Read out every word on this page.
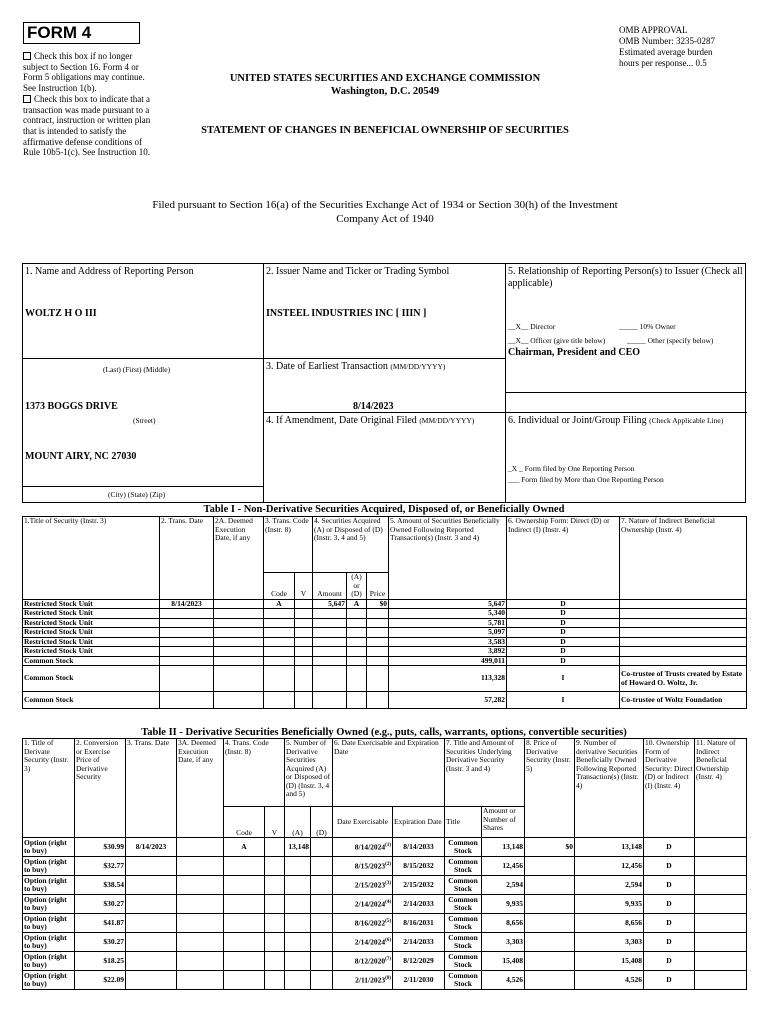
FORM 4
Check this box if no longer subject to Section 16. Form 4 or Form 5 obligations may continue. See Instruction 1(b).
Check this box to indicate that a transaction was made pursuant to a contract, instruction or written plan that is intended to satisfy the affirmative defense conditions of Rule 10b5-1(c). See Instruction 10.
OMB APPROVAL
OMB Number: 3235-0287
Estimated average burden
hours per response... 0.5
UNITED STATES SECURITIES AND EXCHANGE COMMISSION
Washington, D.C. 20549
STATEMENT OF CHANGES IN BENEFICIAL OWNERSHIP OF SECURITIES
Filed pursuant to Section 16(a) of the Securities Exchange Act of 1934 or Section 30(h) of the Investment Company Act of 1940
1. Name and Address of Reporting Person
WOLTZ H O III
(Last) (First) (Middle)
1373 BOGGS DRIVE
(Street)
MOUNT AIRY, NC 27030
(City) (State) (Zip)
2. Issuer Name and Ticker or Trading Symbol
INSTEEL INDUSTRIES INC [ IIIN ]
3. Date of Earliest Transaction (MM/DD/YYYY)
8/14/2023
4. If Amendment, Date Original Filed (MM/DD/YYYY)
5. Relationship of Reporting Person(s) to Issuer (Check all applicable)
__X__ Director	_____ 10% Owner
__X__ Officer (give title below)	_____ Other (specify below)
Chairman, President and CEO
6. Individual or Joint/Group Filing (Check Applicable Line)
_X _ Form filed by One Reporting Person
___ Form filed by More than One Reporting Person
Table I - Non-Derivative Securities Acquired, Disposed of, or Beneficially Owned
1.Title of Security (Instr. 3)	2. Trans. Date	2A. Deemed Execution Date, if any	3. Trans. Code (Instr. 8)		4. Securities Acquired (A) or Disposed of (D) (Instr. 3, 4 and 5)			5. Amount of Securities Beneficially Owned Following Reported Transaction(s) (Instr. 3 and 4)	6. Ownership Form: Direct (D) or Indirect (I) (Instr. 4)	7. Nature of Indirect Beneficial Ownership (Instr. 4)
			Code	V	Amount	(A) or (D)	Price			
Restricted Stock Unit	8/14/2023		A		5,647	A	$0	5,647	D	
Restricted Stock Unit								5,340	D	
Restricted Stock Unit								5,781	D	
Restricted Stock Unit								5,097	D	
Restricted Stock Unit								3,583	D	
Restricted Stock Unit								3,892	D	
Common Stock								499,011	D	
Common Stock								113,328	I	Co-trustee of Trusts created by Estate of Howard O. Woltz, Jr.
Common Stock								57,282	I	Co-trustee of Woltz Foundation
Table II - Derivative Securities Beneficially Owned (e.g., puts, calls, warrants, options, convertible securities)
1. Title of Derivate Security (Instr. 3)	2. Conversion or Exercise Price of Derivative Security	3. Trans. Date	3A. Deemed Execution Date, if any	4. Trans. Code (Instr. 8)		5. Number of Derivative Securities Acquired (A) or Disposed of (D) (Instr. 3, 4 and 5)		6. Date Exercisable and Expiration Date		7. Title and Amount of Securities Underlying Derivative Security (Instr. 3 and 4)		8. Price of Derivative Security (Instr. 5)	9. Number of derivative Securities Beneficially Owned Following Reported Transaction(s) (Instr. 4)	10. Ownership Form of Derivative Security: Direct (D) or Indirect (I) (Instr. 4)	11. Nature of Indirect Beneficial Ownership (Instr. 4)
				Code	V	(A)	(D)	Date Exercisable	Expiration Date	Title	Amount or Number of Shares				
Option (right to buy)	$30.99	8/14/2023		A		13,148		8/14/2024$^{(1)}$	8/14/2033	Common Stock	13,148	$0	13,148	D	
Option (right to buy)	$32.77							8/15/2023$^{(2)}$	8/15/2032	Common Stock	12,456		12,456	D	
Option (right to buy)	$38.54							2/15/2023$^{(3)}$	2/15/2032	Common Stock	2,594		2,594	D	
Option (right to buy)	$30.27							2/14/2024$^{(4)}$	2/14/2033	Common Stock	9,935		9,935	D	
Option (right to buy)	$41.87							8/16/2022$^{(5)}$	8/16/2031	Common Stock	8,656		8,656	D	
Option (right to buy)	$30.27							2/14/2024$^{(6)}$	2/14/2033	Common Stock	3,303		3,303	D	
Option (right to buy)	$18.25							8/12/2020$^{(7)}$	8/12/2029	Common Stock	15,408		15,408	D	
Option (right to buy)	$22.09							2/11/2023$^{(8)}$	2/11/2030	Common Stock	4,526		4,526	D	
